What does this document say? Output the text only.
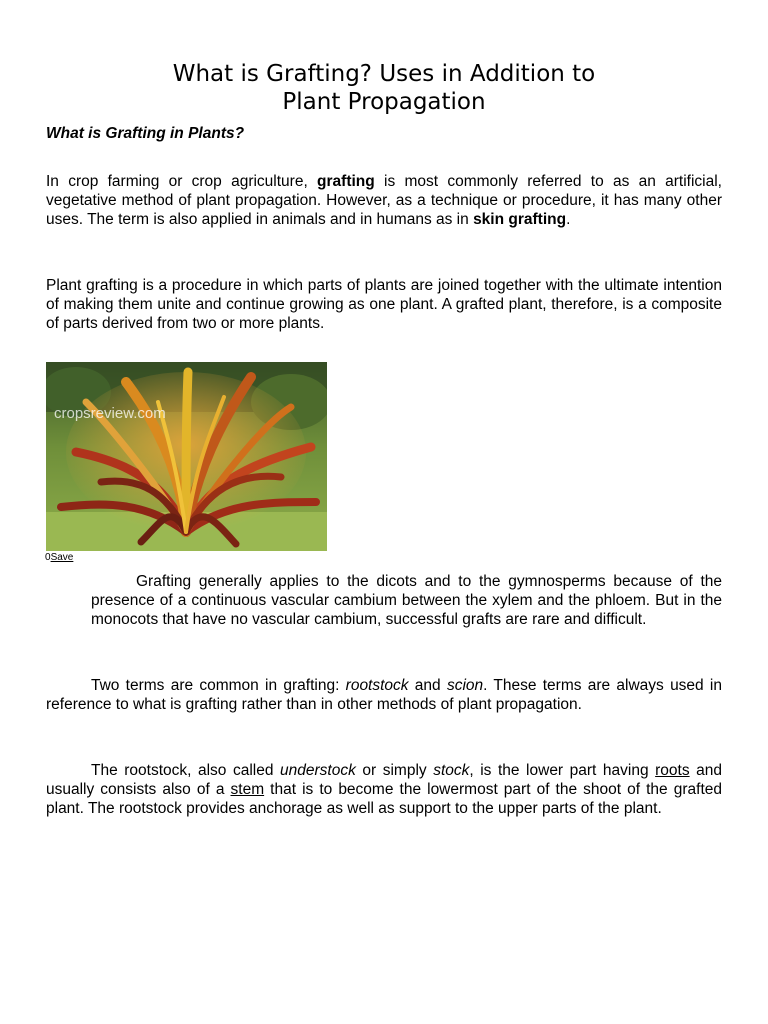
What is Grafting? Uses in Addition to
Plant Propagation
What is Grafting in Plants?

In crop farming or crop agriculture, grafting is most commonly referred to as an artificial, vegetative method of plant propagation. However, as a technique or procedure, it has many other uses. The term is also applied in animals and in humans as in skin grafting.

Plant grafting is a procedure in which parts of plants are joined together with the ultimate intention of making them unite and continue growing as one plant. A grafted plant, therefore, is a composite of parts derived from two or more plants.

cropsreview.com
0Save

Grafting generally applies to the dicots and to the gymnosperms because of the presence of a continuous vascular cambium between the xylem and the phloem. But in the monocots that have no vascular cambium, successful grafts are rare and difficult.

Two terms are common in grafting: rootstock and scion. These terms are always used in reference to what is grafting rather than in other methods of plant propagation.

The rootstock, also called understock or simply stock, is the lower part having roots and usually consists also of a stem that is to become the lowermost part of the shoot of the grafted plant. The rootstock provides anchorage as well as support to the upper parts of the plant.
